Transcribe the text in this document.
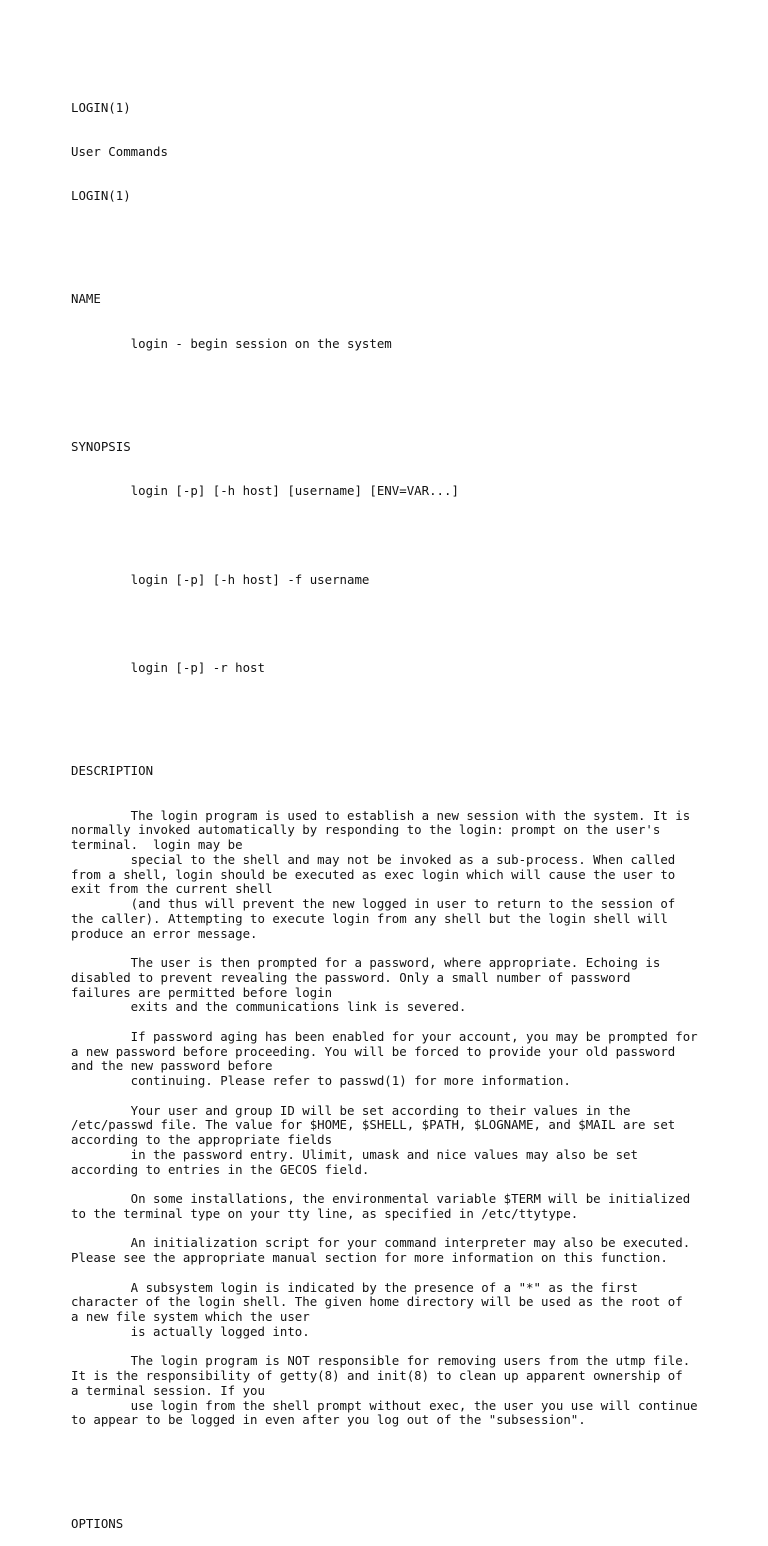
LOGIN(1)

User Commands

LOGIN(1)

NAME

login - begin session on the system

SYNOPSIS

login [-p] [-h host] [username] [ENV=VAR...]

login [-p] [-h host] -f username

login [-p] -r host

DESCRIPTION

The login program is used to establish a new session with the system. It is
normally invoked automatically by responding to the login: prompt on the user's
terminal.  login may be
special to the shell and may not be invoked as a sub-process. When called
from a shell, login should be executed as exec login which will cause the user to
exit from the current shell
(and thus will prevent the new logged in user to return to the session of
the caller). Attempting to execute login from any shell but the login shell will
produce an error message.
The user is then prompted for a password, where appropriate. Echoing is
disabled to prevent revealing the password. Only a small number of password
failures are permitted before login
exits and the communications link is severed.
If password aging has been enabled for your account, you may be prompted for
a new password before proceeding. You will be forced to provide your old password
and the new password before
continuing. Please refer to passwd(1) for more information.
Your user and group ID will be set according to their values in the
/etc/passwd file. The value for $HOME, $SHELL, $PATH, $LOGNAME, and $MAIL are set
according to the appropriate fields
in the password entry. Ulimit, umask and nice values may also be set
according to entries in the GECOS field.
On some installations, the environmental variable $TERM will be initialized
to the terminal type on your tty line, as specified in /etc/ttytype.
An initialization script for your command interpreter may also be executed.
Please see the appropriate manual section for more information on this function.
A subsystem login is indicated by the presence of a "*" as the first
character of the login shell. The given home directory will be used as the root of
a new file system which the user
is actually logged into.
The login program is NOT responsible for removing users from the utmp file.
It is the responsibility of getty(8) and init(8) to clean up apparent ownership of
a terminal session. If you
use login from the shell prompt without exec, the user you use will continue
to appear to be logged in even after you log out of the "subsession".

OPTIONS
